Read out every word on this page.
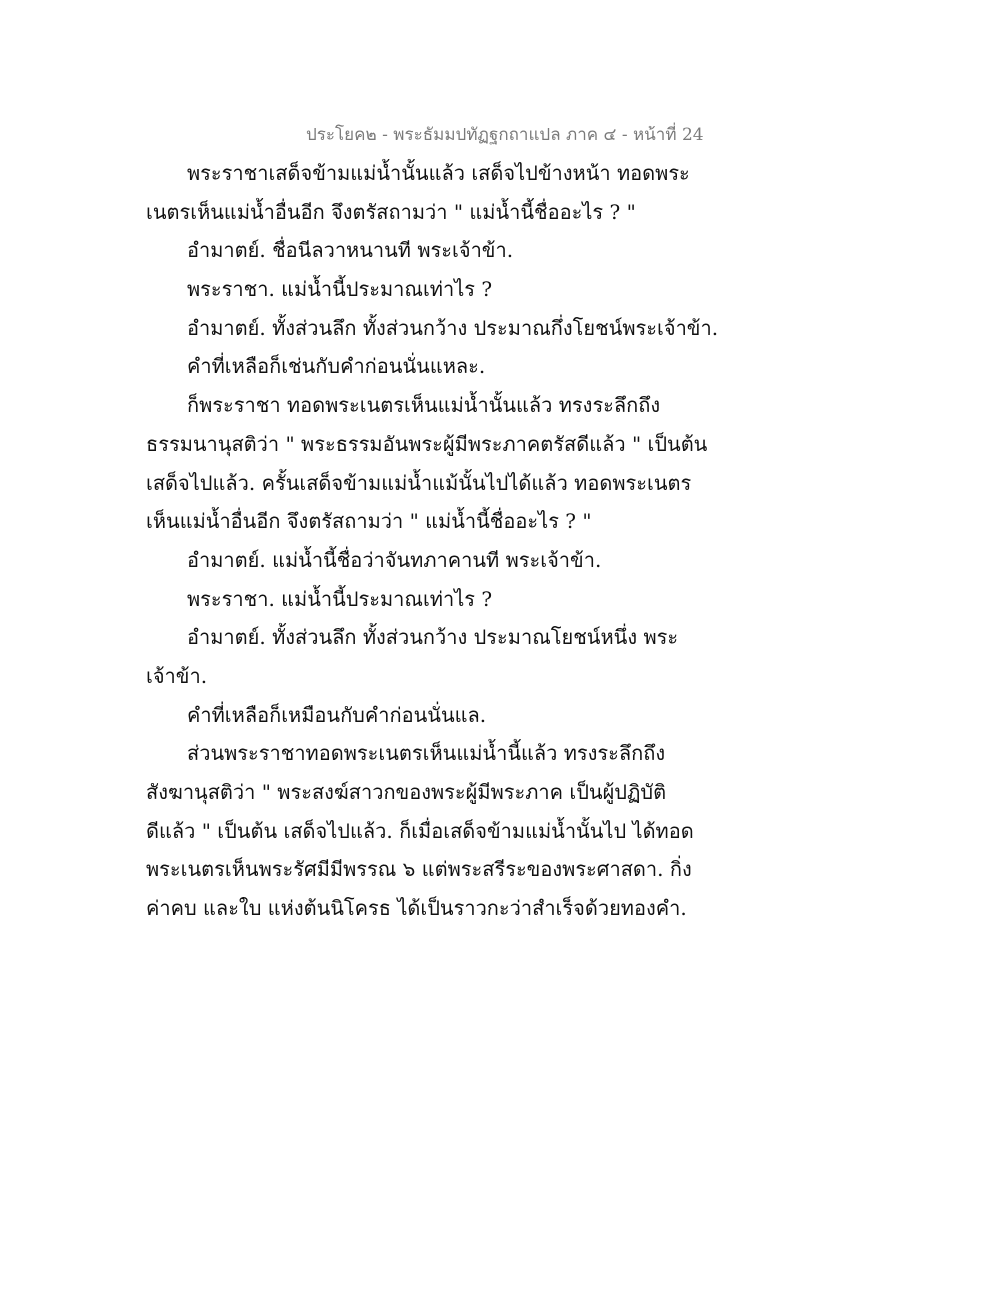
ประโยค๒ - พระธัมมปทัฏฐกถาแปล ภาค ๔ - หน้าที่ 24
พระราชาเสด็จข้ามแม่น้ำนั้นแล้ว เสด็จไปข้างหน้า ทอดพระ
เนตรเห็นแม่น้ำอื่นอีก จึงตรัสถามว่า " แม่น้ำนี้ชื่ออะไร ? "
อำมาตย์. ชื่อนีลวาหนานที พระเจ้าข้า.
พระราชา. แม่น้ำนี้ประมาณเท่าไร ?
อำมาตย์. ทั้งส่วนลึก ทั้งส่วนกว้าง ประมาณกึ่งโยชน์พระเจ้าข้า.
คำที่เหลือก็เช่นกับคำก่อนนั่นแหละ.
ก็พระราชา ทอดพระเนตรเห็นแม่น้ำนั้นแล้ว ทรงระลึกถึง
ธรรมนานุสติว่า " พระธรรมอันพระผู้มีพระภาคตรัสดีแล้ว " เป็นต้น
เสด็จไปแล้ว. ครั้นเสด็จข้ามแม่น้ำแม้นั้นไปได้แล้ว ทอดพระเนตร
เห็นแม่น้ำอื่นอีก จึงตรัสถามว่า " แม่น้ำนี้ชื่ออะไร ? "
อำมาตย์. แม่น้ำนี้ชื่อว่าจันทภาคานที พระเจ้าข้า.
พระราชา. แม่น้ำนี้ประมาณเท่าไร ?
อำมาตย์. ทั้งส่วนลึก ทั้งส่วนกว้าง ประมาณโยชน์หนึ่ง พระ
เจ้าข้า.
คำที่เหลือก็เหมือนกับคำก่อนนั่นแล.
ส่วนพระราชาทอดพระเนตรเห็นแม่น้ำนี้แล้ว ทรงระลึกถึง
สังฆานุสติว่า " พระสงฆ์สาวกของพระผู้มีพระภาค เป็นผู้ปฏิบัติ
ดีแล้ว " เป็นต้น เสด็จไปแล้ว. ก็เมื่อเสด็จข้ามแม่น้ำนั้นไป ได้ทอด
พระเนตรเห็นพระรัศมีมีพรรณ ๖ แต่พระสรีระของพระศาสดา. กิ่ง
ค่าคบ และใบ แห่งต้นนิโครธ ได้เป็นราวกะว่าสำเร็จด้วยทองคำ.
